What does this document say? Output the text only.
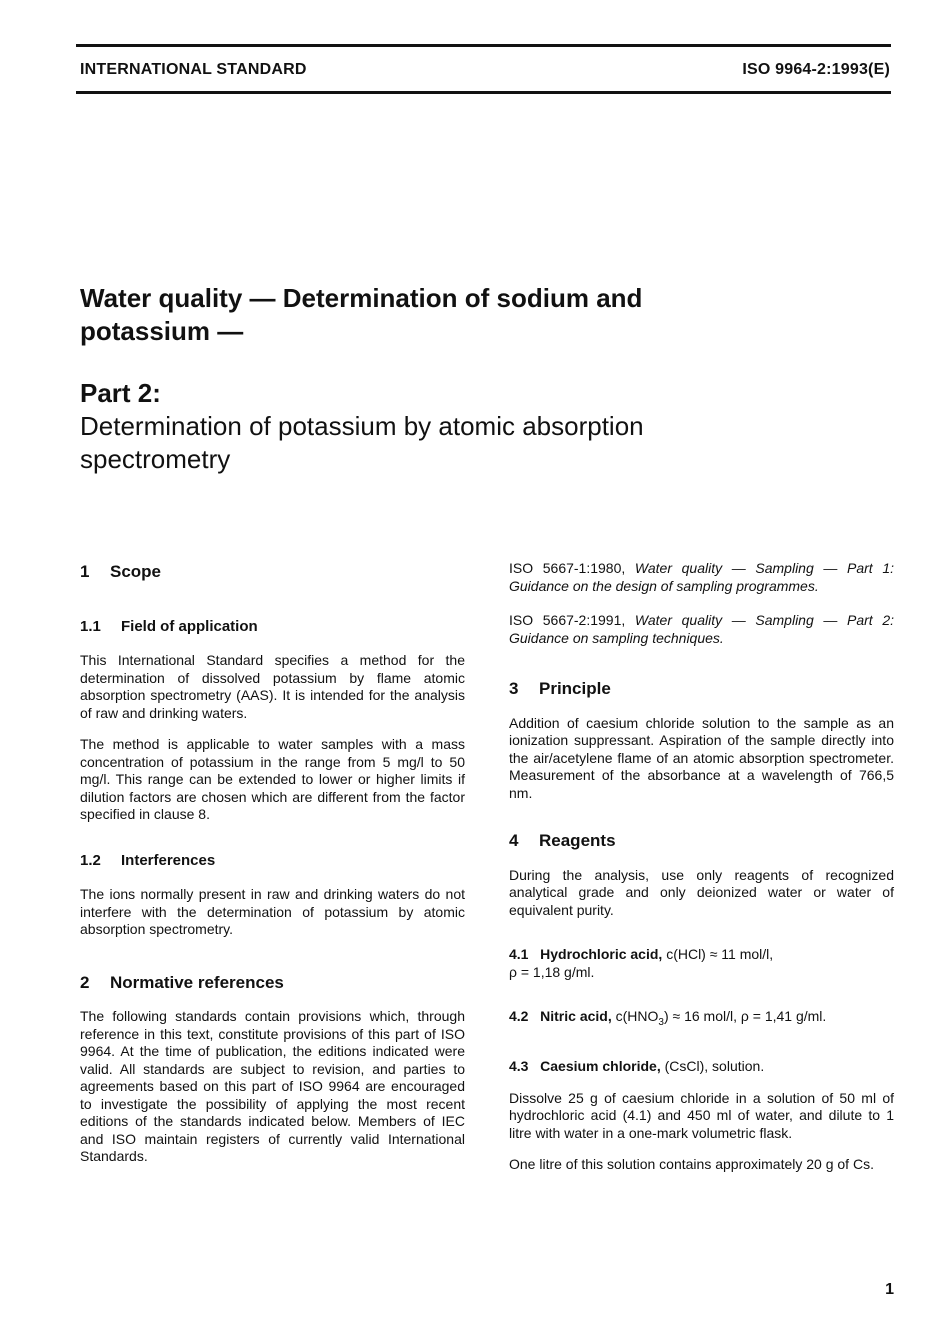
INTERNATIONAL STANDARD	ISO 9964-2:1993(E)
Water quality — Determination of sodium and
potassium —
Part 2:
Determination of potassium by atomic absorption
spectrometry
1 Scope
1.1 Field of application

This International Standard specifies a method for the determination of dissolved potassium by flame atomic absorption spectrometry (AAS). It is intended for the analysis of raw and drinking waters.

The method is applicable to water samples with a mass concentration of potassium in the range from 5 mg/l to 50 mg/l. This range can be extended to lower or higher limits if dilution factors are chosen which are different from the factor specified in clause 8.

1.2 Interferences

The ions normally present in raw and drinking waters do not interfere with the determination of potassium by atomic absorption spectrometry.

2 Normative references

The following standards contain provisions which, through reference in this text, constitute provisions of this part of ISO 9964. At the time of publication, the editions indicated were valid. All standards are subject to revision, and parties to agreements based on this part of ISO 9964 are encouraged to investigate the possibility of applying the most recent editions of the standards indicated below. Members of IEC and ISO maintain registers of currently valid International Standards.

ISO 5667-1:1980, Water quality — Sampling — Part 1: Guidance on the design of sampling programmes.

ISO 5667-2:1991, Water quality — Sampling — Part 2: Guidance on sampling techniques.

3 Principle

Addition of caesium chloride solution to the sample as an ionization suppressant. Aspiration of the sample directly into the air/acetylene flame of an atomic absorption spectrometer. Measurement of the absorbance at a wavelength of 766,5 nm.

4 Reagents

During the analysis, use only reagents of recognized analytical grade and only deionized water or water of equivalent purity.

4.1 Hydrochloric acid, c(HCl) ≈ 11 mol/l,
ρ = 1,18 g/ml.

4.2 Nitric acid, $c(HNO_3) \approx 16$ mol/l, ρ = 1,41 g/ml.

4.3 Caesium chloride, (CsCl), solution.

Dissolve 25 g of caesium chloride in a solution of 50 ml of hydrochloric acid (4.1) and 450 ml of water, and dilute to 1 litre with water in a one-mark volumetric flask.

One litre of this solution contains approximately 20 g of Cs.

1
